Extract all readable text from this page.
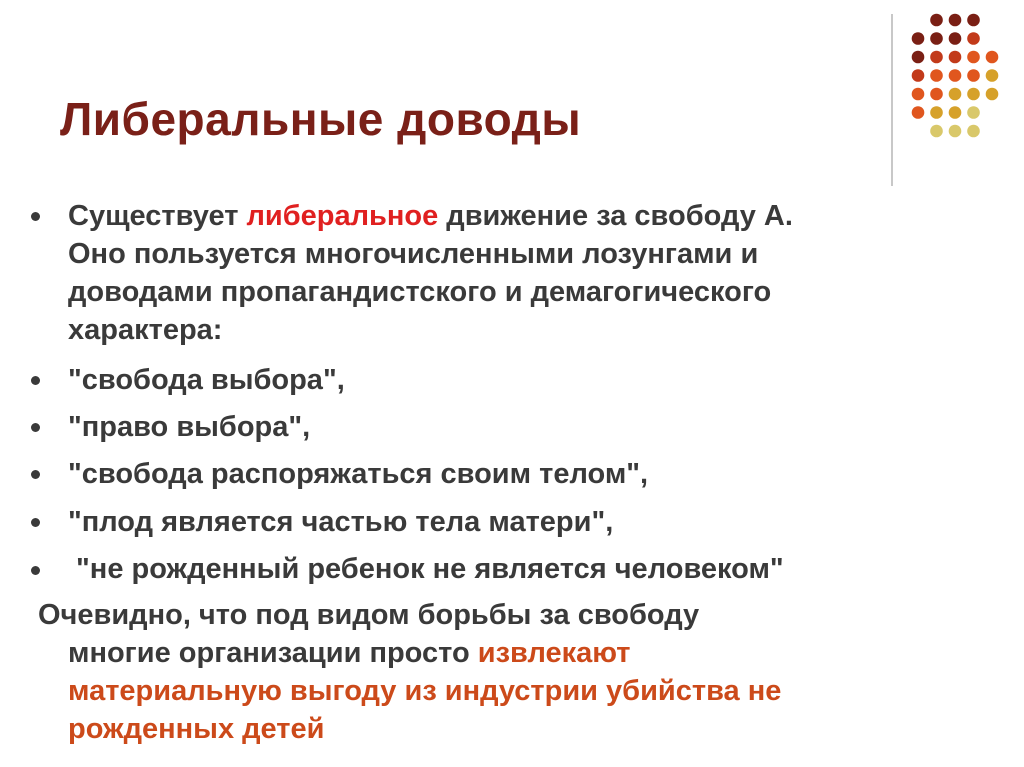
Либеральные доводы
Существует либеральное движение за свободу А.
Оно пользуется многочисленными лозунгами и
доводами пропагандистского и демагогического
характера:
"свобода выбора",
"право выбора",
"свобода распоряжаться своим телом",
"плод является частью тела матери",
"не рожденный ребенок не является человеком"
Очевидно, что под видом борьбы за свободу
многие организации просто извлекают
материальную выгоду из индустрии убийства не
рожденных детей
